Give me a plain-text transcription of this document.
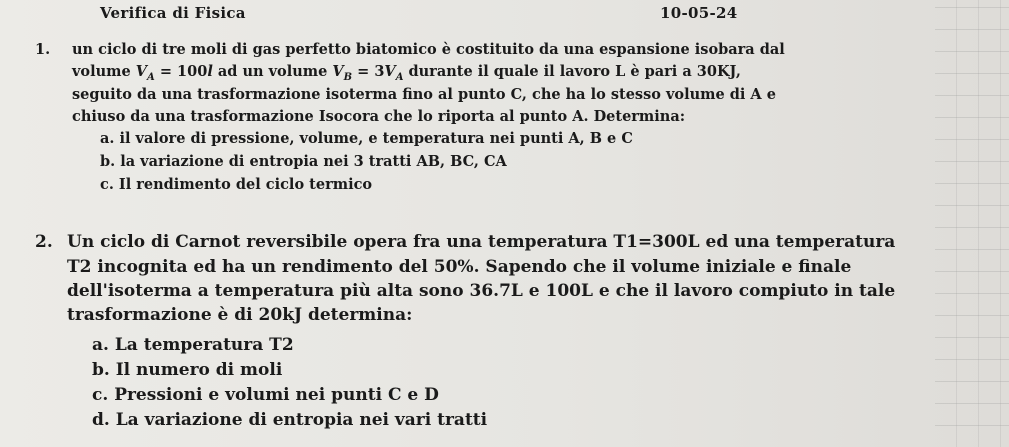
Verifica di Fisica	10-05-24
1. un ciclo di tre moli di gas perfetto biatomico è costituito da una espansione isobara dal
volume $V_A = 100l$ ad un volume $V_B = 3V_A$ durante il quale il lavoro L è pari a 30KJ,
seguito da una trasformazione isoterma fino al punto C, che ha lo stesso volume di A e
chiuso da una trasformazione Isocora che lo riporta al punto A. Determina:
a. il valore di pressione, volume, e temperatura nei punti A, B e C
b. la variazione di entropia nei 3 tratti AB, BC, CA
c. Il rendimento del ciclo termico
2. Un ciclo di Carnot reversibile opera fra una temperatura T1=300L ed una temperatura
T2 incognita ed ha un rendimento del 50%. Sapendo che il volume iniziale e finale
dell'isoterma a temperatura più alta sono 36.7L e 100L e che il lavoro compiuto in tale
trasformazione è di 20kJ determina:
a. La temperatura T2
b. Il numero di moli
c. Pressioni e volumi nei punti C e D
d. La variazione di entropia nei vari tratti
